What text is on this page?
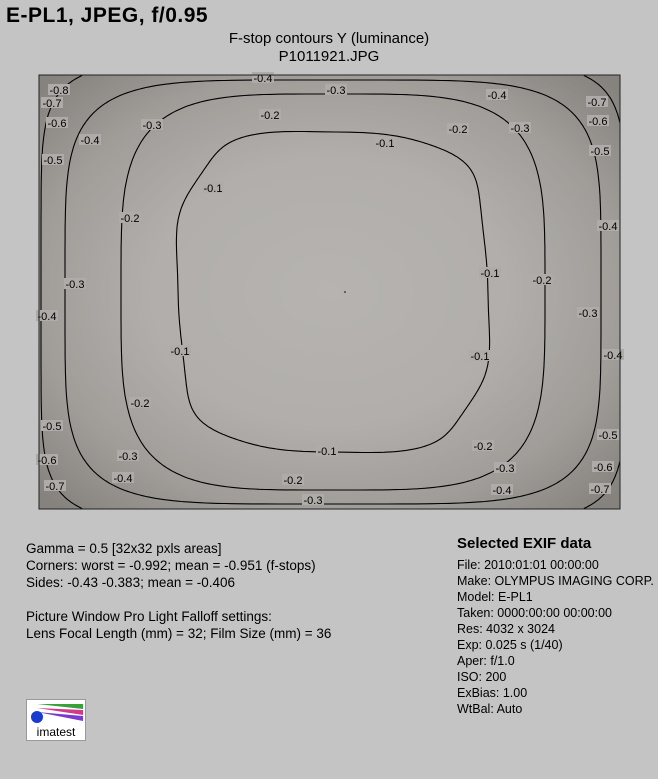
E-PL1, JPEG, f/0.95
F-stop contours Y (luminance)
P1011921.JPG
-0.1
-0.1
-0.1
-0.1	-0.1
-0.1
-0.2
-0.2
-0.2
-0.2
-0.2
-0.2
-0.2
-0.3
-0.3	-0.3
-0.3
-0.3
-0.3
-0.3
-0.3
-0.4
-0.4
-0.4
-0.4
-0.4
-0.4
-0.4
-0.4
-0.5
-0.5
-0.5
-0.5
-0.6	-0.6
-0.6
-0.6
-0.7	-0.7
-0.7	-0.7
-0.8
Gamma = 0.5 [32x32 pxls areas]
Corners: worst = -0.992; mean = -0.951 (f-stops)
Sides: -0.43 -0.383; mean = -0.406
Picture Window Pro Light Falloff settings:
Lens Focal Length (mm) = 32; Film Size (mm) = 36
Selected EXIF data
File: 2010:01:01 00:00:00
Make: OLYMPUS IMAGING CORP.
Model: E-PL1
Taken: 0000:00:00 00:00:00
Res: 4032 x 3024
Exp: 0.025 s (1/40)
Aper: f/1.0
ISO: 200
ExBias: 1.00
WtBal: Auto
imatest
